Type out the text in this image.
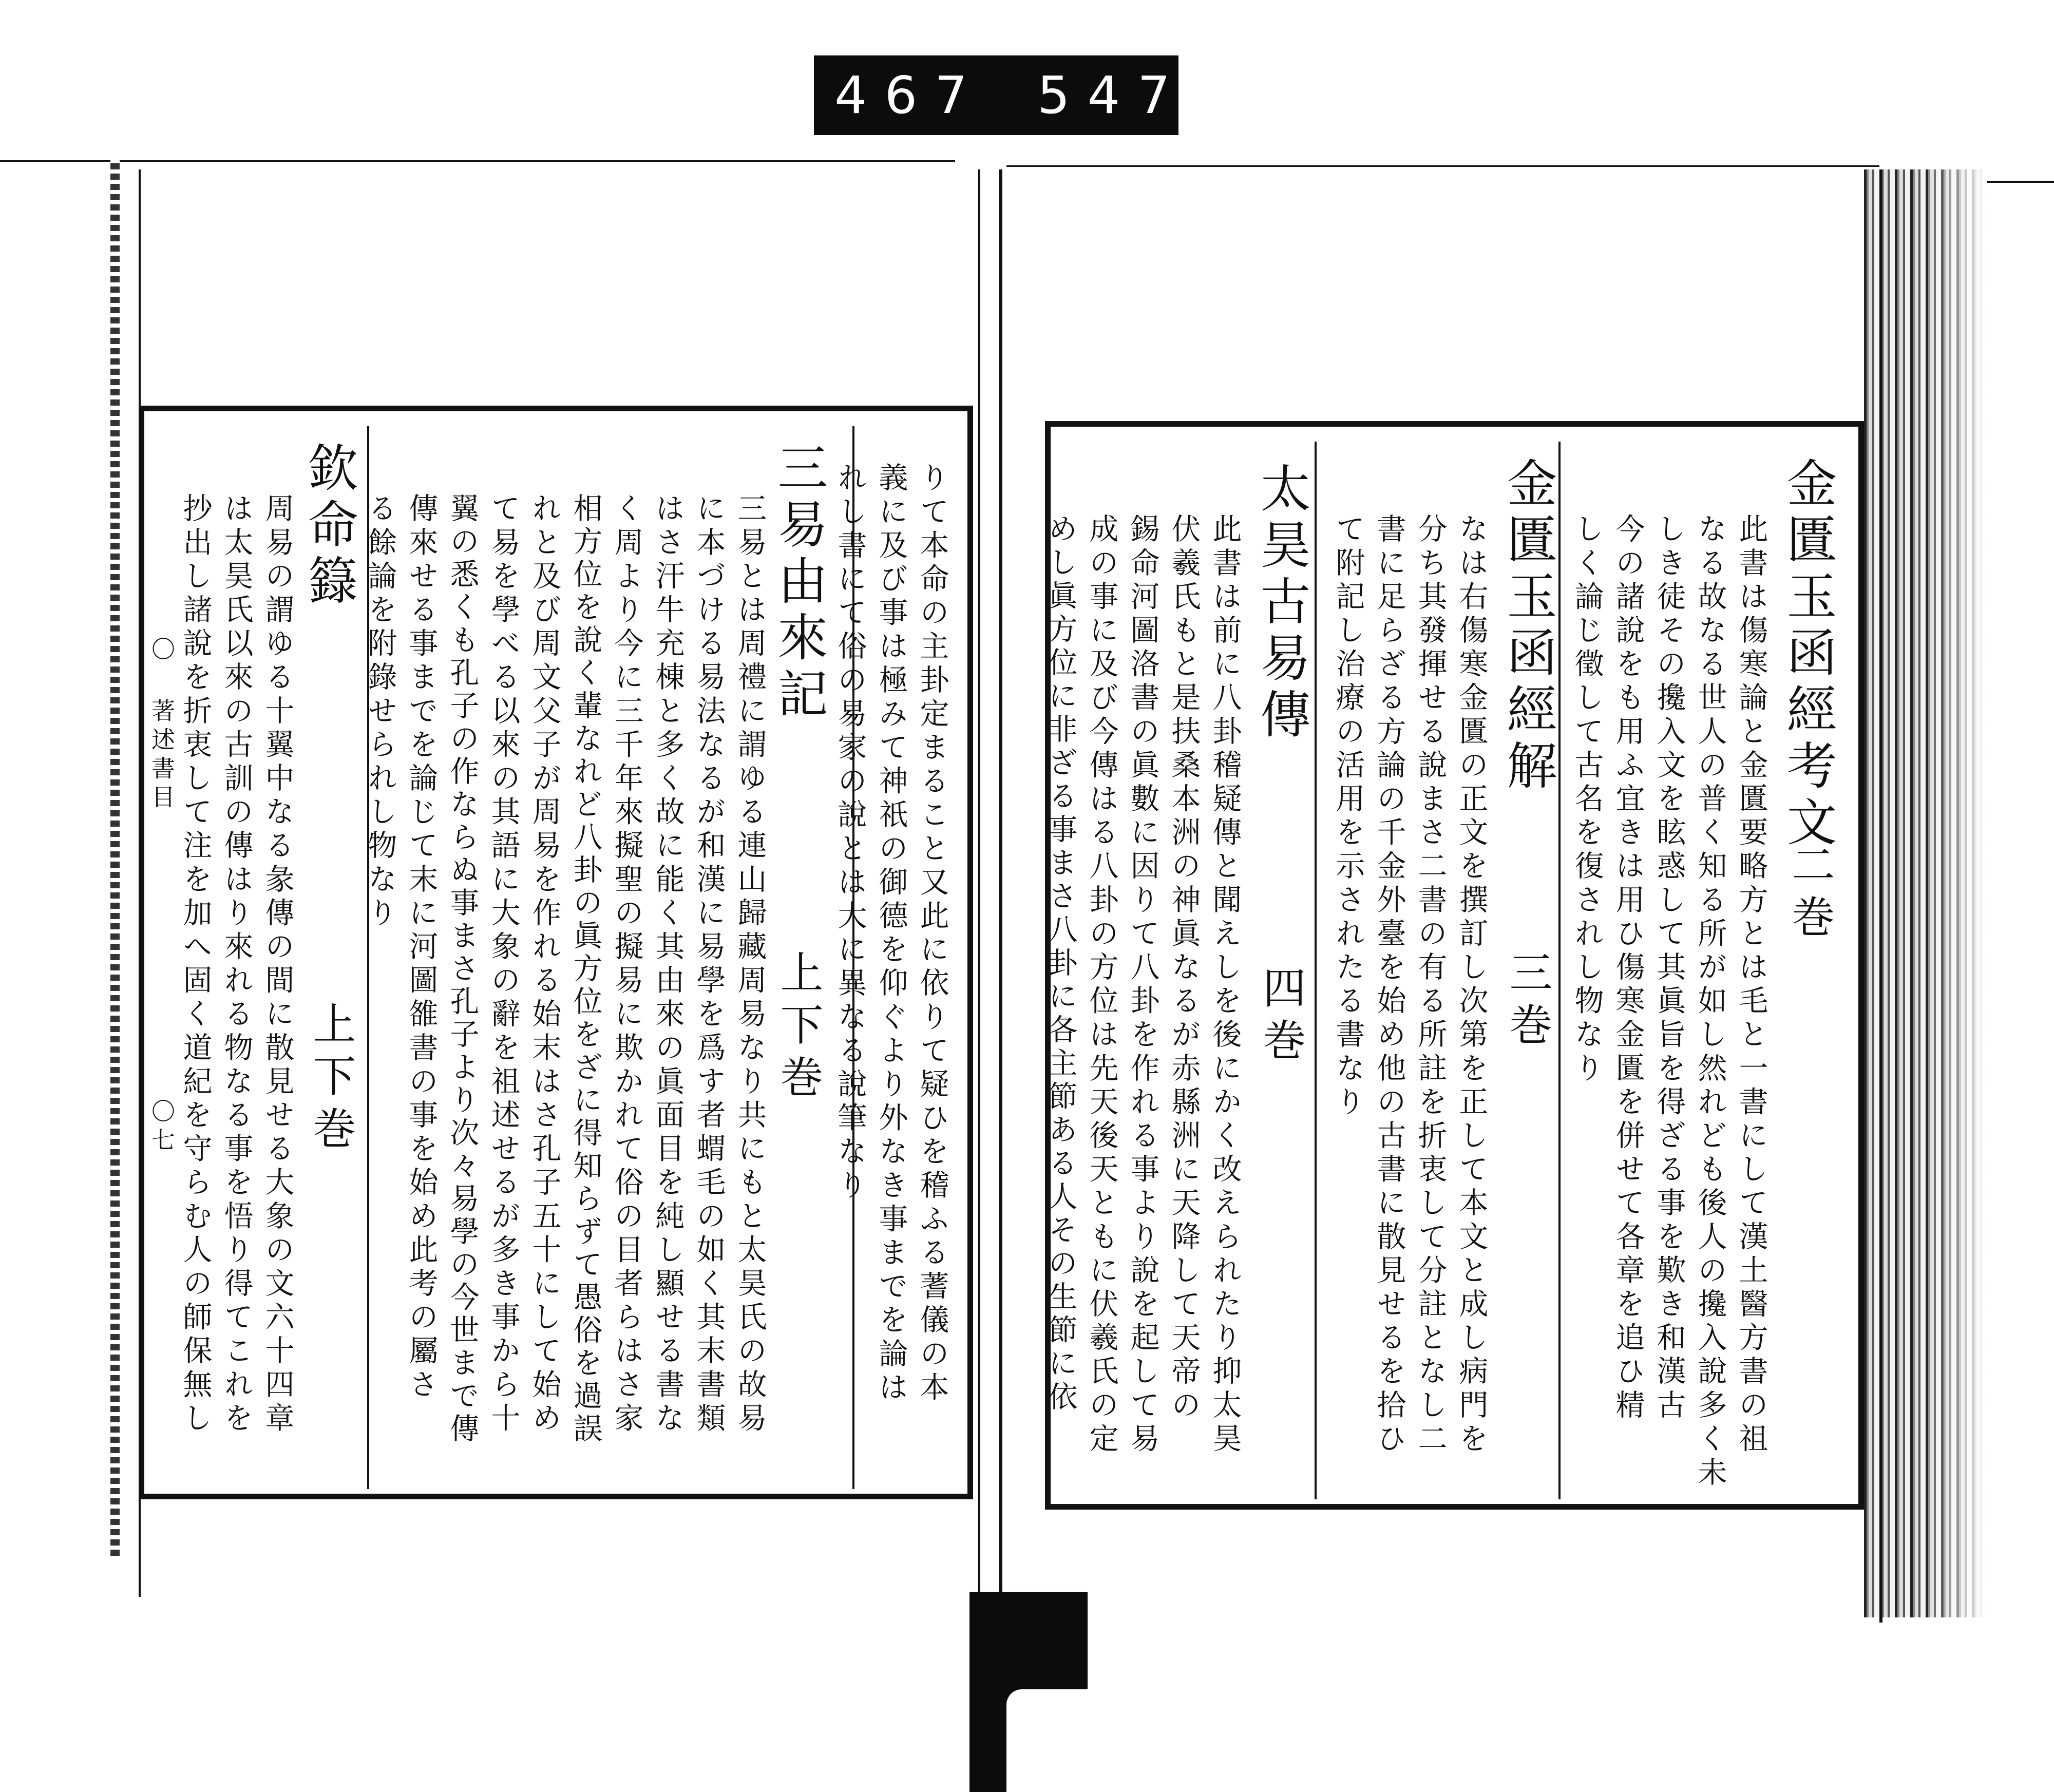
467 547.
金匱玉函經考文
二巻
此書は傷寒論と金匱要略方とは毛と一書にして漢土醫方書の祖
なる故なる世人の普く知る所が如し然れども後人の攙入說多く未
しき徒その攙入文を眩惑して其眞旨を得ざる事を歎き和漢古
今の諸說をも用ふ宜きは用ひ傷寒金匱を併せて各章を追ひ精
しく論じ徵して古名を復されし物なり
金匱玉函經解
三巻
なは右傷寒金匱の正文を撰訂し次第を正して本文と成し病門を
分ち其發揮せる說まさ二書の有る所註を折衷して分註となし二
書に足らざる方論の千金外臺を始め他の古書に散見せるを拾ひ
て附記し治療の活用を示されたる書なり
太昊古易傳
四巻
此書は前に八卦稽疑傳と聞えしを後にかく改えられたり抑太昊
伏羲氏もと是扶桑本洲の神眞なるが赤縣洲に天降して天帝の
錫命河圖洛書の眞數に因りて八卦を作れる事より說を起して易
成の事に及び今傳はる八卦の方位は先天後天ともに伏羲氏の定
めし眞方位に非ざる事まさ八卦に各主節ある人その生節に依
りて本命の主卦定まること又此に依りて疑ひを稽ふる蓍儀の本
義に及び事は極みて神祇の御德を仰ぐより外なき事までを論は
れし書にて俗の易家の說とは大に異なる說筆なり
三易由來記
上下巻
三易とは周禮に謂ゆる連山歸藏周易なり共にもと太昊氏の故易
に本づける易法なるが和漢に易學を爲す者蝟毛の如く其末書類
はさ汗牛充棟と多く故に能く其由來の眞面目を純し顯せる書な
く周より今に三千年來擬聖の擬易に欺かれて俗の目者らはさ家
相方位を說く輩なれど八卦の眞方位をざに得知らずて愚俗を過誤
れと及び周文父子が周易を作れる始末はさ孔子五十にして始め
て易を學べる以來の其語に大象の辭を祖述せるが多き事から十
翼の悉くも孔子の作ならぬ事まさ孔子より次々易學の今世まで傳
傳來せる事までを論じて末に河圖雒書の事を始め此考の屬さ
る餘論を附錄せられし物なり
欽命籙
上下巻
周易の謂ゆる十翼中なる彖傳の間に散見せる大象の文六十四章
は太昊氏以來の古訓の傳はり來れる物なる事を悟り得てこれを
抄出し諸說を折衷して注を加へ固く道紀を守らむ人の師保無し
〇 著述書目
〇七
